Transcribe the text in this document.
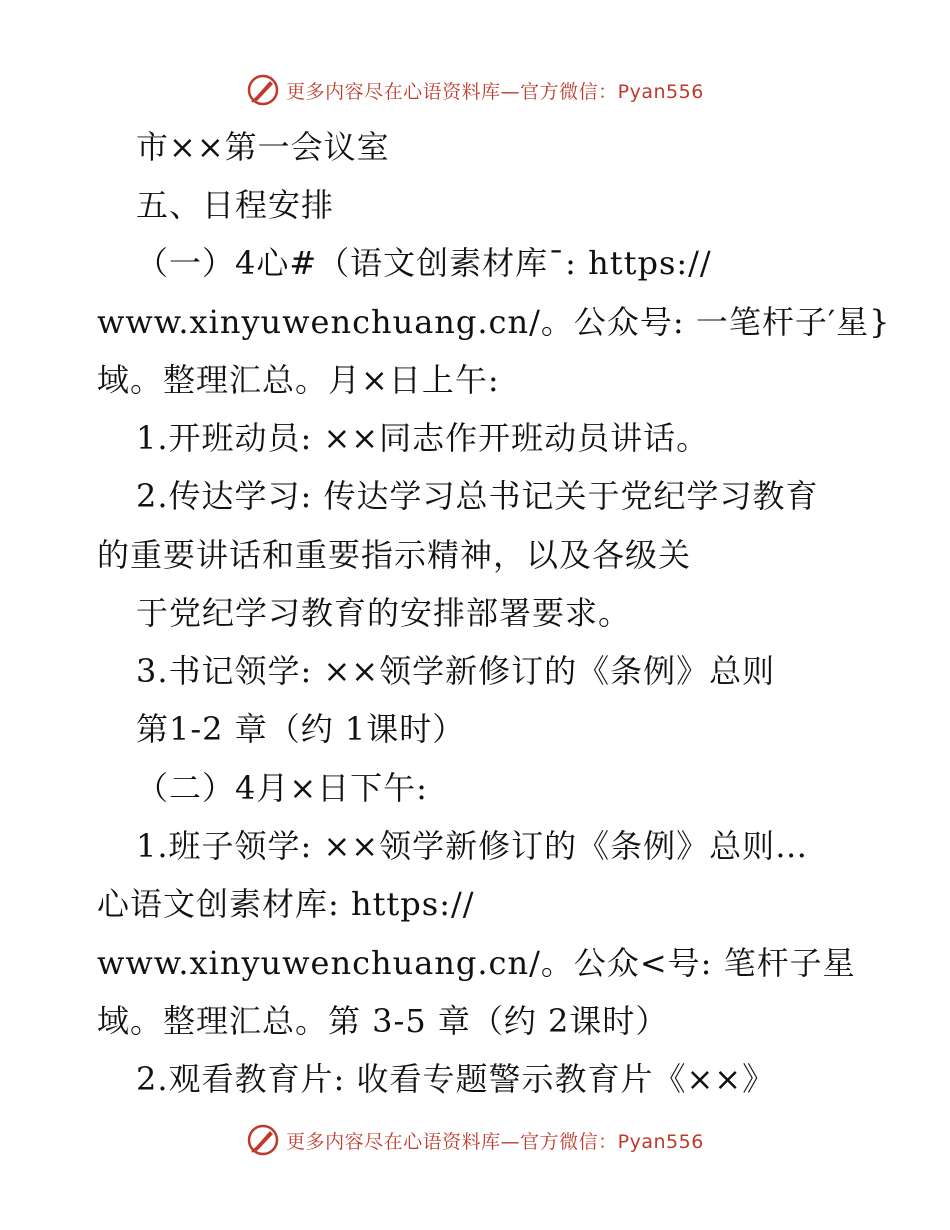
更多内容尽在心语资料库—官方微信：Pyan556
市××第一会议室
五、日程安排
（一）4心#（语文创素材库¯: https://
www.xinyuwenchuang.cn/。公众号: 一笔杆子′星}
域。整理汇总。月×日上午:
1.开班动员: ××同志作开班动员讲话。
2.传达学习: 传达学习总书记关于党纪学习教育
的重要讲话和重要指示精神，以及各级关
于党纪学习教育的安排部署要求。
3.书记领学: ××领学新修订的《条例》总则
第1-2 章（约 1课时）
（二）4月×日下午:
1.班子领学: ××领学新修订的《条例》总则…
心语文创素材库: https://
www.xinyuwenchuang.cn/。公众<号: 笔杆子星
域。整理汇总。第 3-5 章（约 2课时）
2.观看教育片: 收看专题警示教育片《××》
更多内容尽在心语资料库—官方微信：Pyan556
